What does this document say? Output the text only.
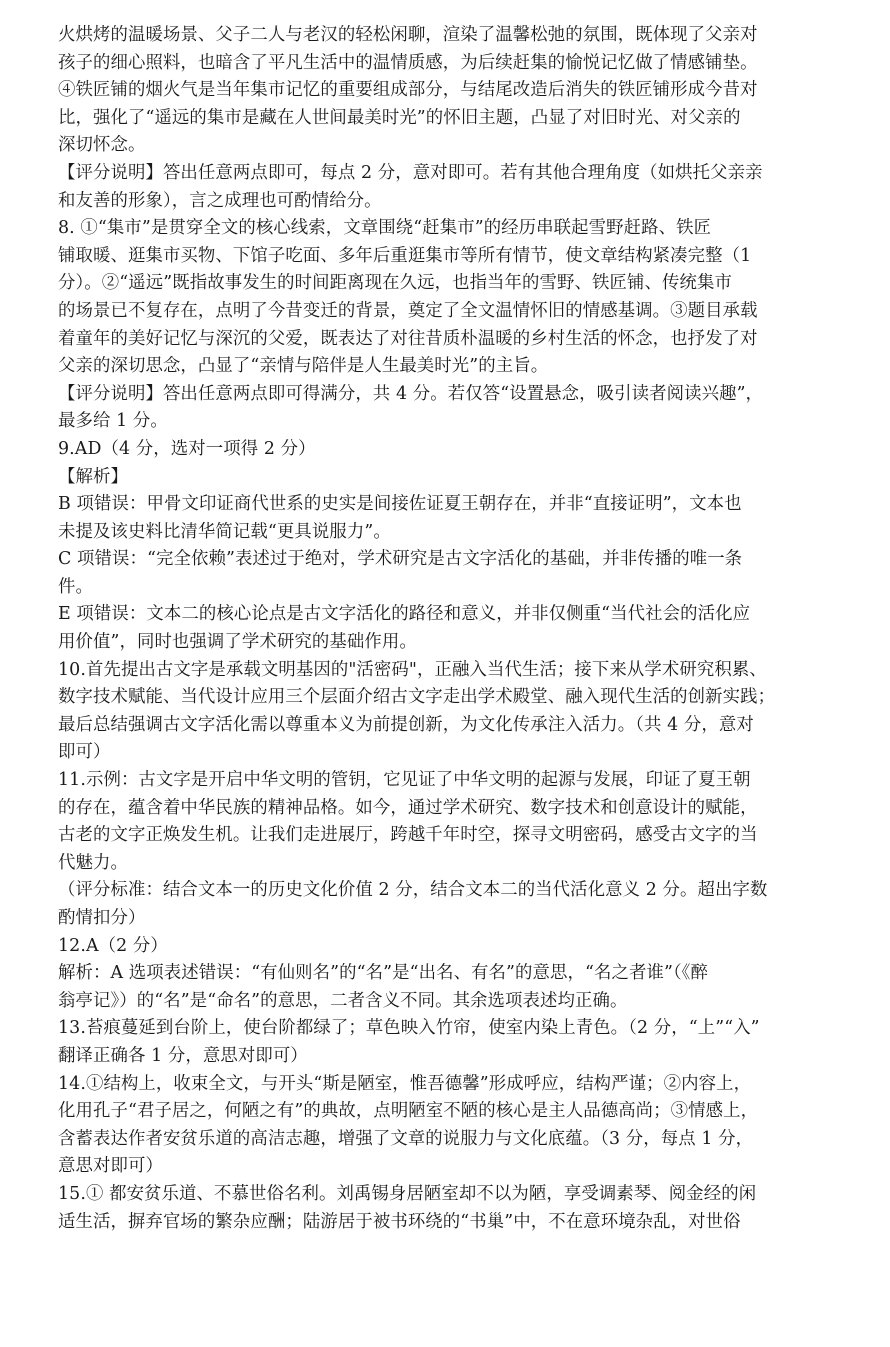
火烘烤的温暖场景、父子二人与老汉的轻松闲聊，渲染了温馨松弛的氛围，既体现了父亲对
孩子的细心照料，也暗含了平凡生活中的温情质感，为后续赶集的愉悦记忆做了情感铺垫。
④铁匠铺的烟火气是当年集市记忆的重要组成部分，与结尾改造后消失的铁匠铺形成今昔对
比，强化了“遥远的集市是藏在人世间最美时光”的怀旧主题，凸显了对旧时光、对父亲的
深切怀念。
【评分说明】答出任意两点即可，每点 2 分，意对即可。若有其他合理角度（如烘托父亲亲
和友善的形象），言之成理也可酌情给分。
8. ①“集市”是贯穿全文的核心线索，文章围绕“赶集市”的经历串联起雪野赶路、铁匠
铺取暖、逛集市买物、下馆子吃面、多年后重逛集市等所有情节，使文章结构紧凑完整（1
分）。②“遥远”既指故事发生的时间距离现在久远，也指当年的雪野、铁匠铺、传统集市
的场景已不复存在，点明了今昔变迁的背景，奠定了全文温情怀旧的情感基调。③题目承载
着童年的美好记忆与深沉的父爱，既表达了对往昔质朴温暖的乡村生活的怀念，也抒发了对
父亲的深切思念，凸显了“亲情与陪伴是人生最美时光”的主旨。
【评分说明】答出任意两点即可得满分，共 4 分。若仅答“设置悬念，吸引读者阅读兴趣”，
最多给 1 分。
9.AD（4 分，选对一项得 2 分）
【解析】
B 项错误：甲骨文印证商代世系的史实是间接佐证夏王朝存在，并非“直接证明”，文本也
未提及该史料比清华简记载“更具说服力”。
C 项错误：“完全依赖”表述过于绝对，学术研究是古文字活化的基础，并非传播的唯一条
件。
E 项错误：文本二的核心论点是古文字活化的路径和意义，并非仅侧重“当代社会的活化应
用价值”，同时也强调了学术研究的基础作用。
10.首先提出古文字是承载文明基因的"活密码"，正融入当代生活；接下来从学术研究积累、
数字技术赋能、当代设计应用三个层面介绍古文字走出学术殿堂、融入现代生活的创新实践；
最后总结强调古文字活化需以尊重本义为前提创新，为文化传承注入活力。（共 4 分，意对
即可）
11.示例：古文字是开启中华文明的管钥，它见证了中华文明的起源与发展，印证了夏王朝
的存在，蕴含着中华民族的精神品格。如今，通过学术研究、数字技术和创意设计的赋能，
古老的文字正焕发生机。让我们走进展厅，跨越千年时空，探寻文明密码，感受古文字的当
代魅力。
（评分标准：结合文本一的历史文化价值 2 分，结合文本二的当代活化意义 2 分。超出字数
酌情扣分）
12.A（2 分）
解析：A 选项表述错误：“有仙则名”的“名”是“出名、有名”的意思，“名之者谁”（《醉
翁亭记》）的“名”是“命名”的意思，二者含义不同。其余选项表述均正确。
13.苔痕蔓延到台阶上，使台阶都绿了；草色映入竹帘，使室内染上青色。（2 分，“上”“入”
翻译正确各 1 分，意思对即可）
14.①结构上，收束全文，与开头“斯是陋室，惟吾德馨”形成呼应，结构严谨；②内容上，
化用孔子“君子居之，何陋之有”的典故，点明陋室不陋的核心是主人品德高尚；③情感上，
含蓄表达作者安贫乐道的高洁志趣，增强了文章的说服力与文化底蕴。（3 分，每点 1 分，
意思对即可）
15.① 都安贫乐道、不慕世俗名利。刘禹锡身居陋室却不以为陋，享受调素琴、阅金经的闲
适生活，摒弃官场的繁杂应酬；陆游居于被书环绕的“书巢”中，不在意环境杂乱，对世俗
